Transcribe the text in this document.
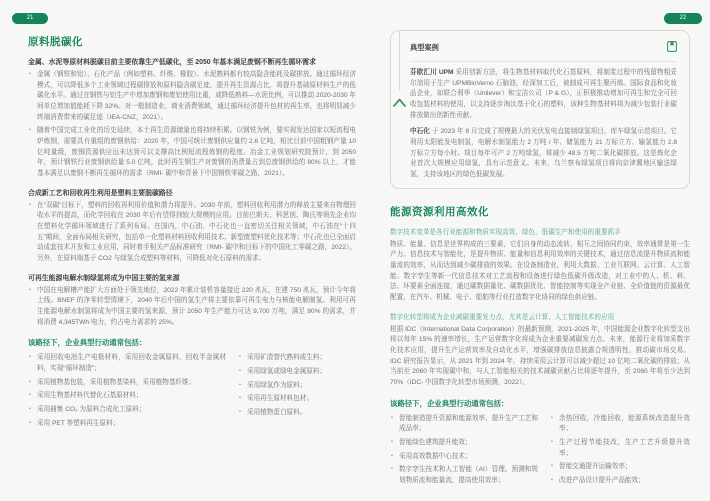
21	22
原料脱碳化
金属、水泥等原材料脱碳目前主要依靠生产低碳化，至 2050 年基本满足废钢不断再生循环需求
• 金属（钢铁和铝）、石化产品（例如塑料、纤维、橡胶）、水泥熟料都有较高隐含能耗及碳排放。通过循环经济模式，可以降低多个工业领域过程碳排放和原料隐含碳足迹，提升再生资源占比，将提升基础原材料生产的低碳化水平。通过在钢铁与铝生产中增加废钢和废铝使用比重，或降低熟料—水泥比例，可以推动 2020-2030 年间单位增加值能耗下降 32%。对一般制造业、商业消费领域，通过循环经济提升包材的再生率，也将明显减少终端消费带来的碳足迹（IEA-CNZ，2021）。
• 随着中国完成工业化的历史延续，本土再生资源储量也将持续积累。以钢铁为例，要实现发达国家以短流程电炉炼钢，需要具有重组的废钢供给：2020 年，中国可统计废钢供应量约 2.6 亿吨，相比目前中国粗钢产量 10 亿吨量级，废钢资源供应远未达到可以支撑高比例短流程炼钢的程度。冶金工业规划研究院预计，到 2050 年，预计钢铁行业废钢供给量 5.0 亿吨，此时再生钢生产对废钢的消费量占到总废钢供给的 80% 以上，才能基本满足以废钢不断再生循环的需求（RMI- 碳中和背景下中国钢铁零碳之路，2021）。
合成新工艺和回收再生利用是塑料主要脱碳路径
• 在“双碳”目标下，塑料的回收再利用价值和潜力将提升。2030 年前，塑料回收利用潜力的释放主要来自物理回收水平的提高，而化学回收在 2030 年后有望得到较大规模的应用。目前巴斯夫、科思创、陶氏等领先企业均在塑料化学循环领域进行了系列布局。在国内，中石油、中石化也一直密切关注相关领域，中石油在“十四五”期间，全面布局相关研究，包括单一化塑料材料回收利用技术、新型废塑料优化技术等；中石化也已全面启动成套技术开发和工业应用，同时着手相关产品标准研究（RMI- 碳中和目标下的中国化工零碳之路，2022）。另外，在原料端基于 CO2 与绿氢合成塑料等材料，可降低对化石原料的需求。
可再生能源电解水制绿氢将成为中国主要的氢来源
• 中国在电解槽产能扩大方面处于领先地位，2022 年累计装机容量接近 220 兆瓦，在建 750 兆瓦，预计今年将上线。BNEF 的净零转型情境下，2040 年后中国的氢生产将主要依靠可再生电力与核能电解制氢。利用可再生能源电解水制氢将成为中国主要的氢来源，预计 2050 年生产能力可达 9,700 万吨，满足 90% 的需求，并将消费 4,345TWh 电力，约占电力需求的 25%。
该路径下，企业典型行动通常包括：
• 采用回收电池生产电极材料，采用回收金属原料，回收半金属材料，实现“循环制造”；
• 采用植物基包装，采用植物基染料，采用植物基纤维；
• 采用生物基材料代替化石基原材料；
• 采用捕集 CO₂ 为原料合成化工原料；
• 采用 PET 等塑料再生原料；
• 采用矿渣替代熟料或生料；
• 采用绿氢或绿电金属原料；
• 采用绿氢作为原料；
• 采用再生原材料包材；
• 采用植物蛋白原料。
典型案例

芬欧汇川 UPM 采用创新方法，将生物基材料取代化石基原料，将制浆过程中的残留物粗妥尔油用于生产 UPMBioVerno 石脑油，经深加工后，被制成可再生聚丙烯。国际食品和化妆品企业，如联合利华（Unilever）和宝洁公司（P & G），正积极推动增加可再生和完全可回收包装材料的使用，以支持逐步淘汰基于化石的塑料，该种生物基材料将为减少包装行业碳排放做出创新性贡献。

中石化 于 2023 年 8 月完成了规模最大的光伏发电直接制绿氢项目，库车绿氢示范项目。它利用太阳能发电制氢，电解水制氢能力 2 万吨 / 年、储氢能力 21 万标立方、输氢能力 2.8 万标立方每小时。项目每年可产 2 万吨绿氢，将减少 48.5 万吨二氧化碳排放。这是炼化企业首次大规模应用绿氢，具有示范意义。未来，乌兰察布绿氢项目将向京津冀地区输送绿氢，支持该地区的绿色低碳发展。

能源资源利用高效化
数字技术变革是各行业能源和物质实现高效、绿色、低碳生产和使用的重要抓手

物质、能量、信息是世界构成的三要素，它们自身的动态流转，相互之间协同约束，效率通常是第一生产力。信息技术与智能化，是提升物质、能量和信息利用效率的关键技术，通过信息流提升物质流和能量流的效率，从而达到减少碳排放的效果。在设备制造业，利用大数据、工业互联网、云计算、人工智能、数字孪生等新一代信息技术对工艺流程和设备进行绿色低碳升级改造，对工业中的人、机、料、法、环要素全面连接，通过碳数据量化、碳数据优化、智能控制等实现全产业链、全价值链的资源最优配置，在汽车、机械、电子、船舶等行业打造数字化协同的绿色供应链。

数字化转型将成为企业减碳重要发力点，尤其是云计算、人工智能技术的应用

根据 IDC（International Data Corporation）的最新预测，2021-2025 年，中国能源企业数字化转型支出将以每年 15% 的速率增长，生产运营数字化将成为企业重要减碳发力点。未来，能源行业将加采数字化技术应用，提升生产运营效率及自动化水平，增强碳排放信息披露合规透明性，推动碳市场交易。IDC 研究报告显示，从 2021 年到 2024 年，持续采用云计算可以减少超过 10 亿吨二氧化碳的排放；从当前至 2060 年实现碳中和，与人工智能相关的技术减碳贡献占比将逐年提升，至 2060 年将至少达到 70%（IDC- 中国数字化转型市场预测，2022）。

该路径下，企业典型行动通常包括：
• 智能制造提升资源和能源效率，提升生产工艺和成品率；
• 智能绿色建筑提升能效；
• 采用高效数据中心技术；
• 数字孪生技术和人工智能（AI）管理、预测和规划物质流和能量流，提高使用效率；
• 余热回收，冷能回收，能源系统改造提升效率；
• 生产过程节能技改，生产工艺升级提升效率；
• 智能交通提升运输效率；
• 改进产品设计提升产品能效；
